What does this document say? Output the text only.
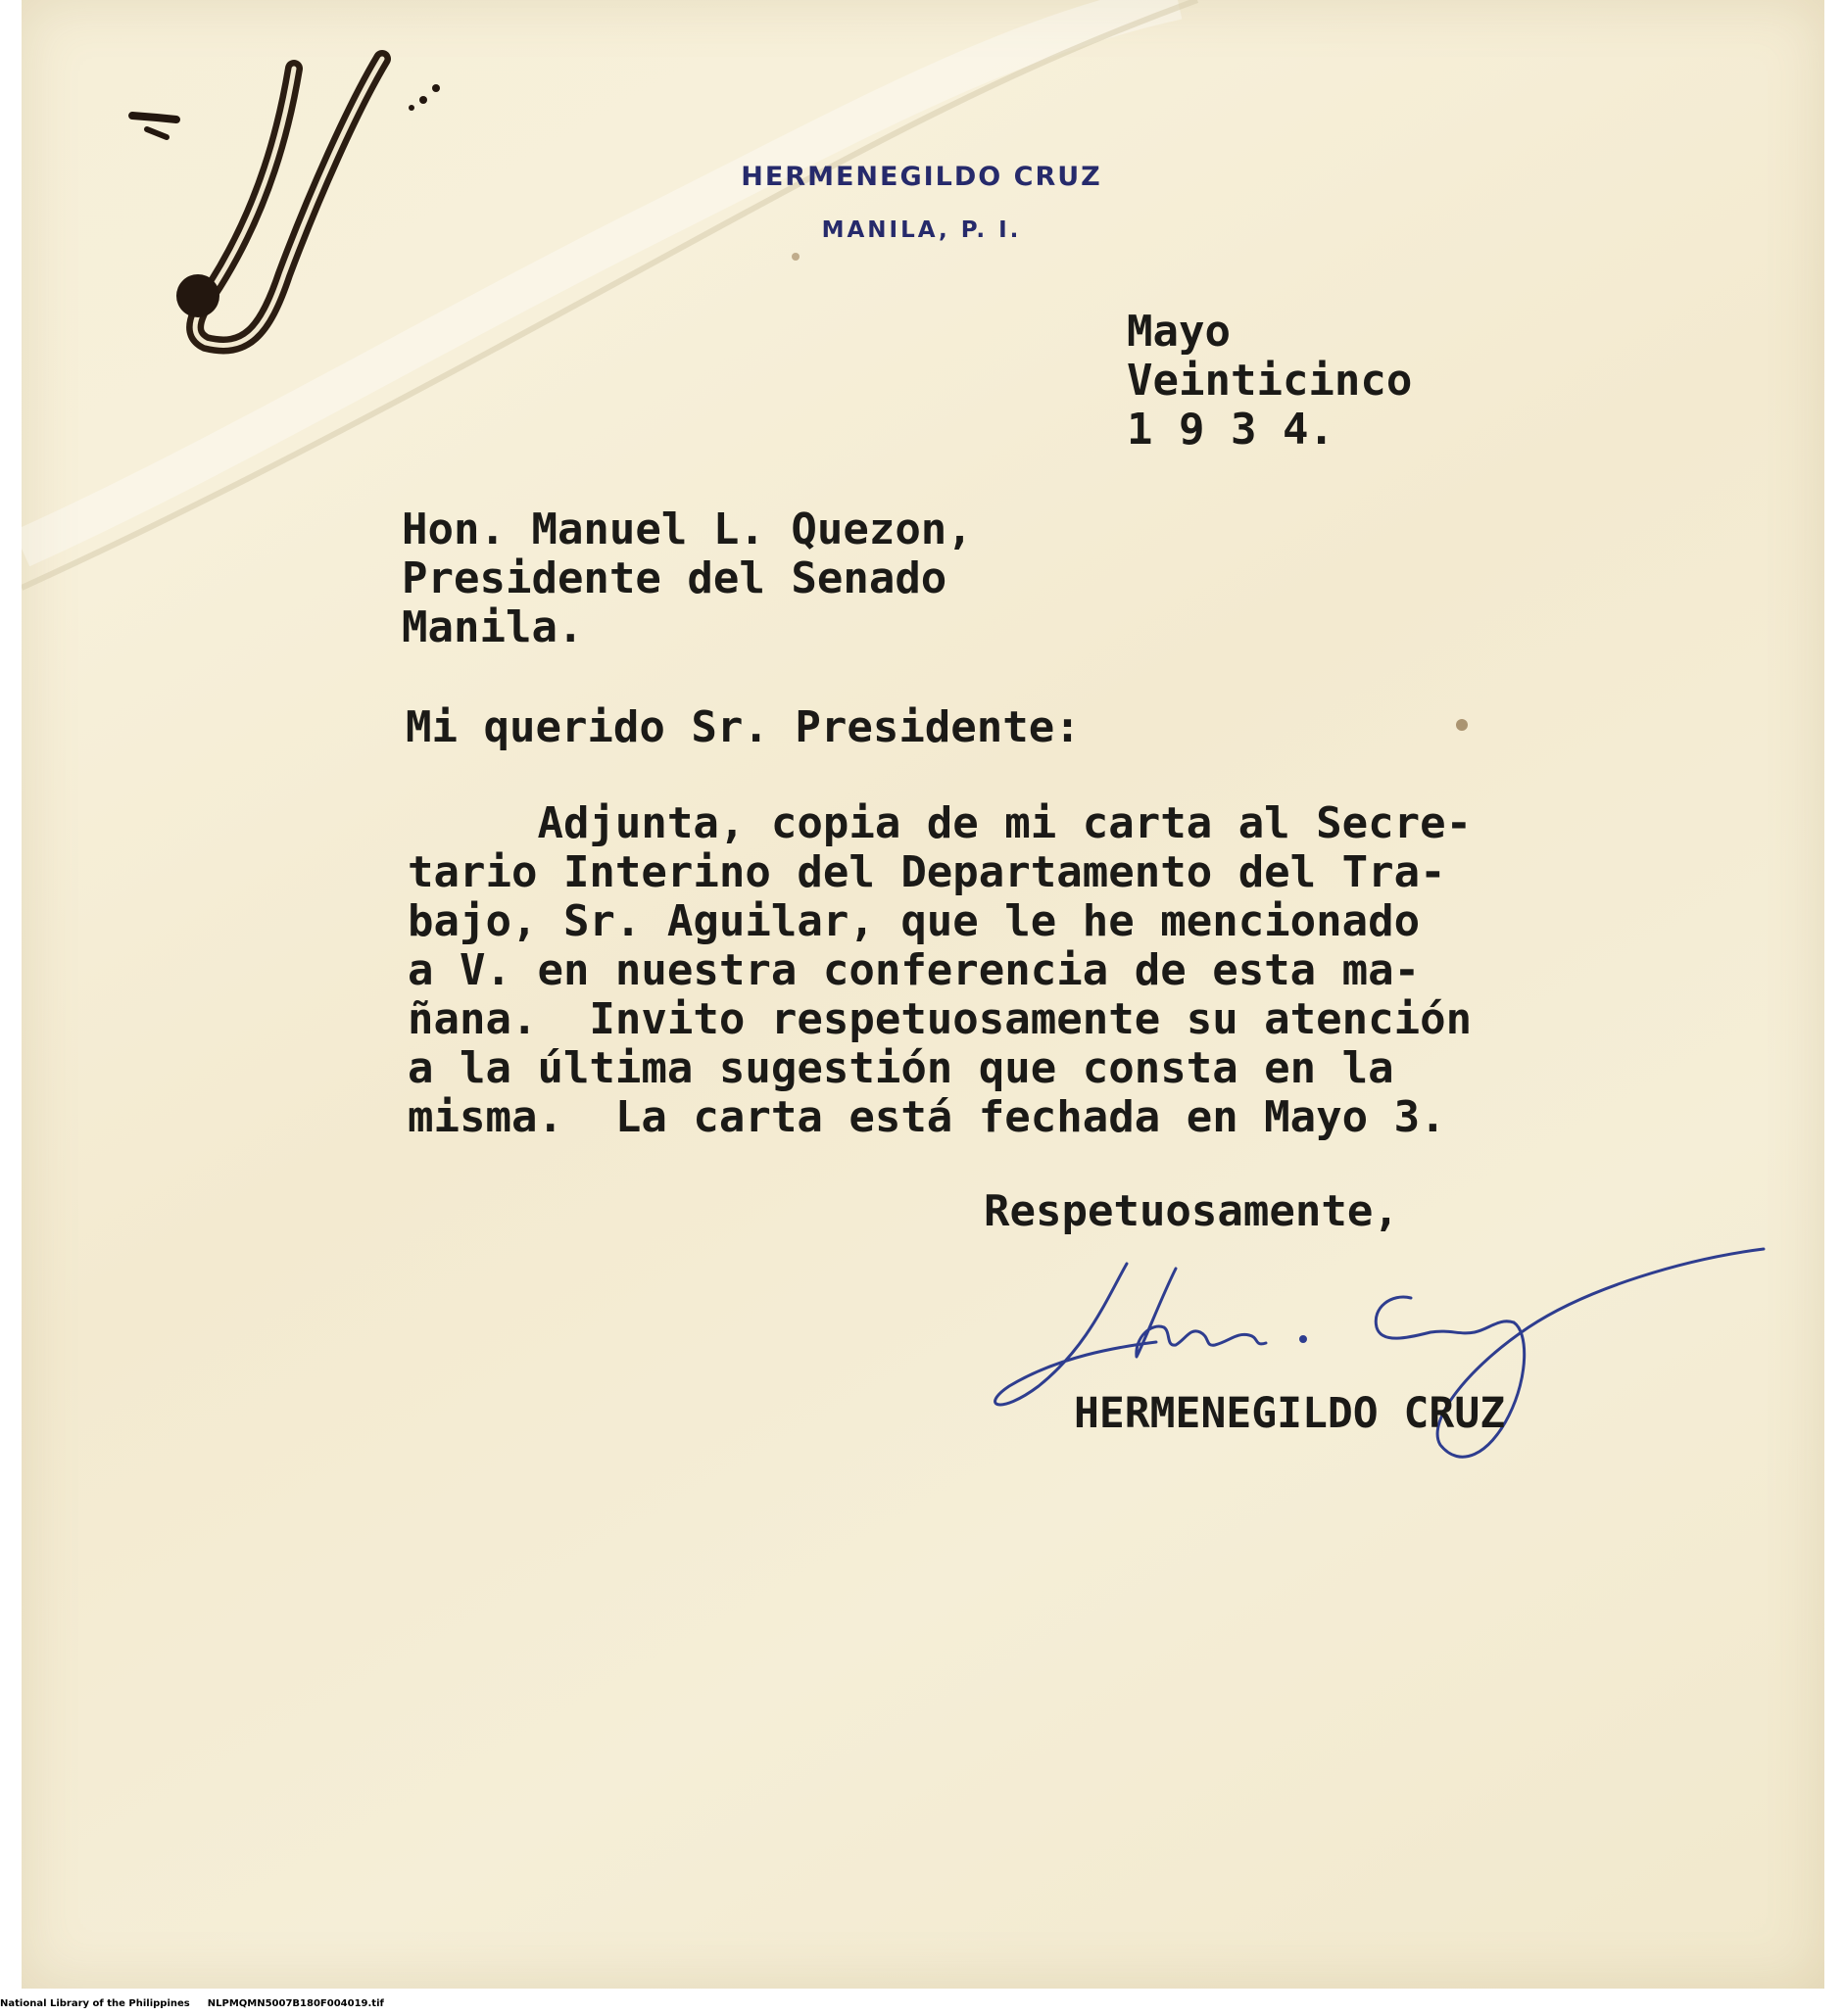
HERMENEGILDO CRUZ
MANILA, P. I.
Mayo
Veinticinco
1 9 3 4.
Hon. Manuel L. Quezon,
Presidente del Senado
Manila.
Mi querido Sr. Presidente:
Adjunta, copia de mi carta al Secre-
tario Interino del Departamento del Tra-
bajo, Sr. Aguilar, que le he mencionado
a V. en nuestra conferencia de esta ma-
ñana.  Invito respetuosamente su atención
a la última sugestión que consta en la
misma.  La carta está fechada en Mayo 3.
Respetuosamente,
HERMENEGILDO CRUZ
National Library of the Philippines NLPMQMN5007B180F004019.tif
